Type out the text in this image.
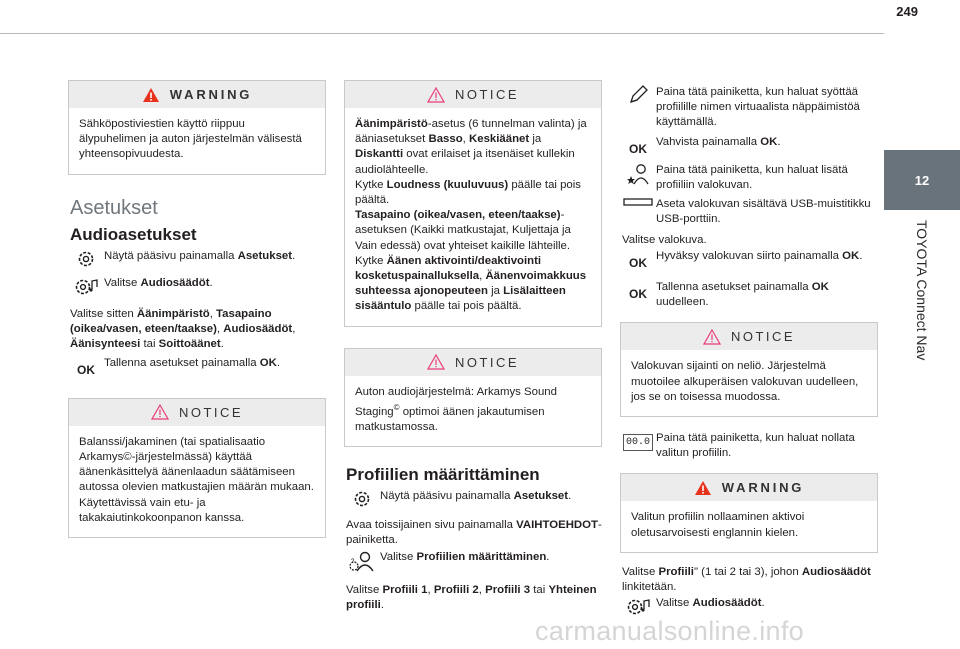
249
12
TOYOTA Connect Nav
WARNING

Sähköpostiviestien käyttö riippuu älypuhelimen ja auton järjestelmän välisestä yhteensopivuudesta.

Asetukset
Audioasetukset
Näytä pääsivu painamalla Asetukset.
Valitse Audiosäädöt.

Valitse sitten Äänimpäristö, Tasapaino (oikea/vasen, eteen/taakse), Audiosäädöt, Äänisynteesi tai Soittoäänet.

OK Tallenna asetukset painamalla OK.
NOTICE

Balanssi/jakaminen (tai spatialisaatio Arkamys©-järjestelmässä) käyttää äänenkäsittelyä äänenlaadun säätämiseen autossa olevien matkustajien määrän mukaan.
Käytettävissä vain etu- ja takakaiutinkokoonpanon kanssa.

NOTICE

Äänimpäristö-asetus (6 tunnelman valinta) ja ääniasetukset Basso, Keskiäänet ja Diskantti ovat erilaiset ja itsenäiset kullekin audiolähteelle.

Kytke Loudness (kuuluvuus) päälle tai pois päältä.

Tasapaino (oikea/vasen, eteen/taakse)-asetuksen (Kaikki matkustajat, Kuljettaja ja Vain edessä) ovat yhteiset kaikille lähteille.

Kytke Äänen aktivointi/deaktivointi kosketuspainalluksella, Äänenvoimakkuus suhteessa ajonopeuteen ja Lisälaitteen sisääntulo päälle tai pois päältä.

NOTICE

Auton audiojärjestelmä: Arkamys Sound Staging© optimoi äänen jakautumisen matkustamossa.

Profiilien määrittäminen
Näytä pääsivu painamalla Asetukset.

Avaa toissijainen sivu painamalla VAIHTOEHDOT-painiketta.

? Valitse Profiilien määrittäminen.

Valitse Profiili 1, Profiili 2, Profiili 3 tai Yhteinen profiili.

Paina tätä painiketta, kun haluat syöttää profiilille nimen virtuaalista näppäimistöä käyttämällä.
OK Vahvista painamalla OK.
Paina tätä painiketta, kun haluat lisätä profiiliin valokuvan.
Aseta valokuvan sisältävä USB-muistitikku USB-porttiin.

Valitse valokuva.

OK Hyväksy valokuvan siirto painamalla OK.
OK Tallenna asetukset painamalla OK uudelleen.
NOTICE

Valokuvan sijainti on neliö. Järjestelmä muotoilee alkuperäisen valokuvan uudelleen, jos se on toisessa muodossa.

00.0 Paina tätä painiketta, kun haluat nollata valitun profiilin.
WARNING

Valitun profiilin nollaaminen aktivoi oletusarvoisesti englannin kielen.

Valitse Profiili" (1 tai 2 tai 3), johon Audiosäädöt linkitetään.

Valitse Audiosäädöt.
carmanualsonline.info
